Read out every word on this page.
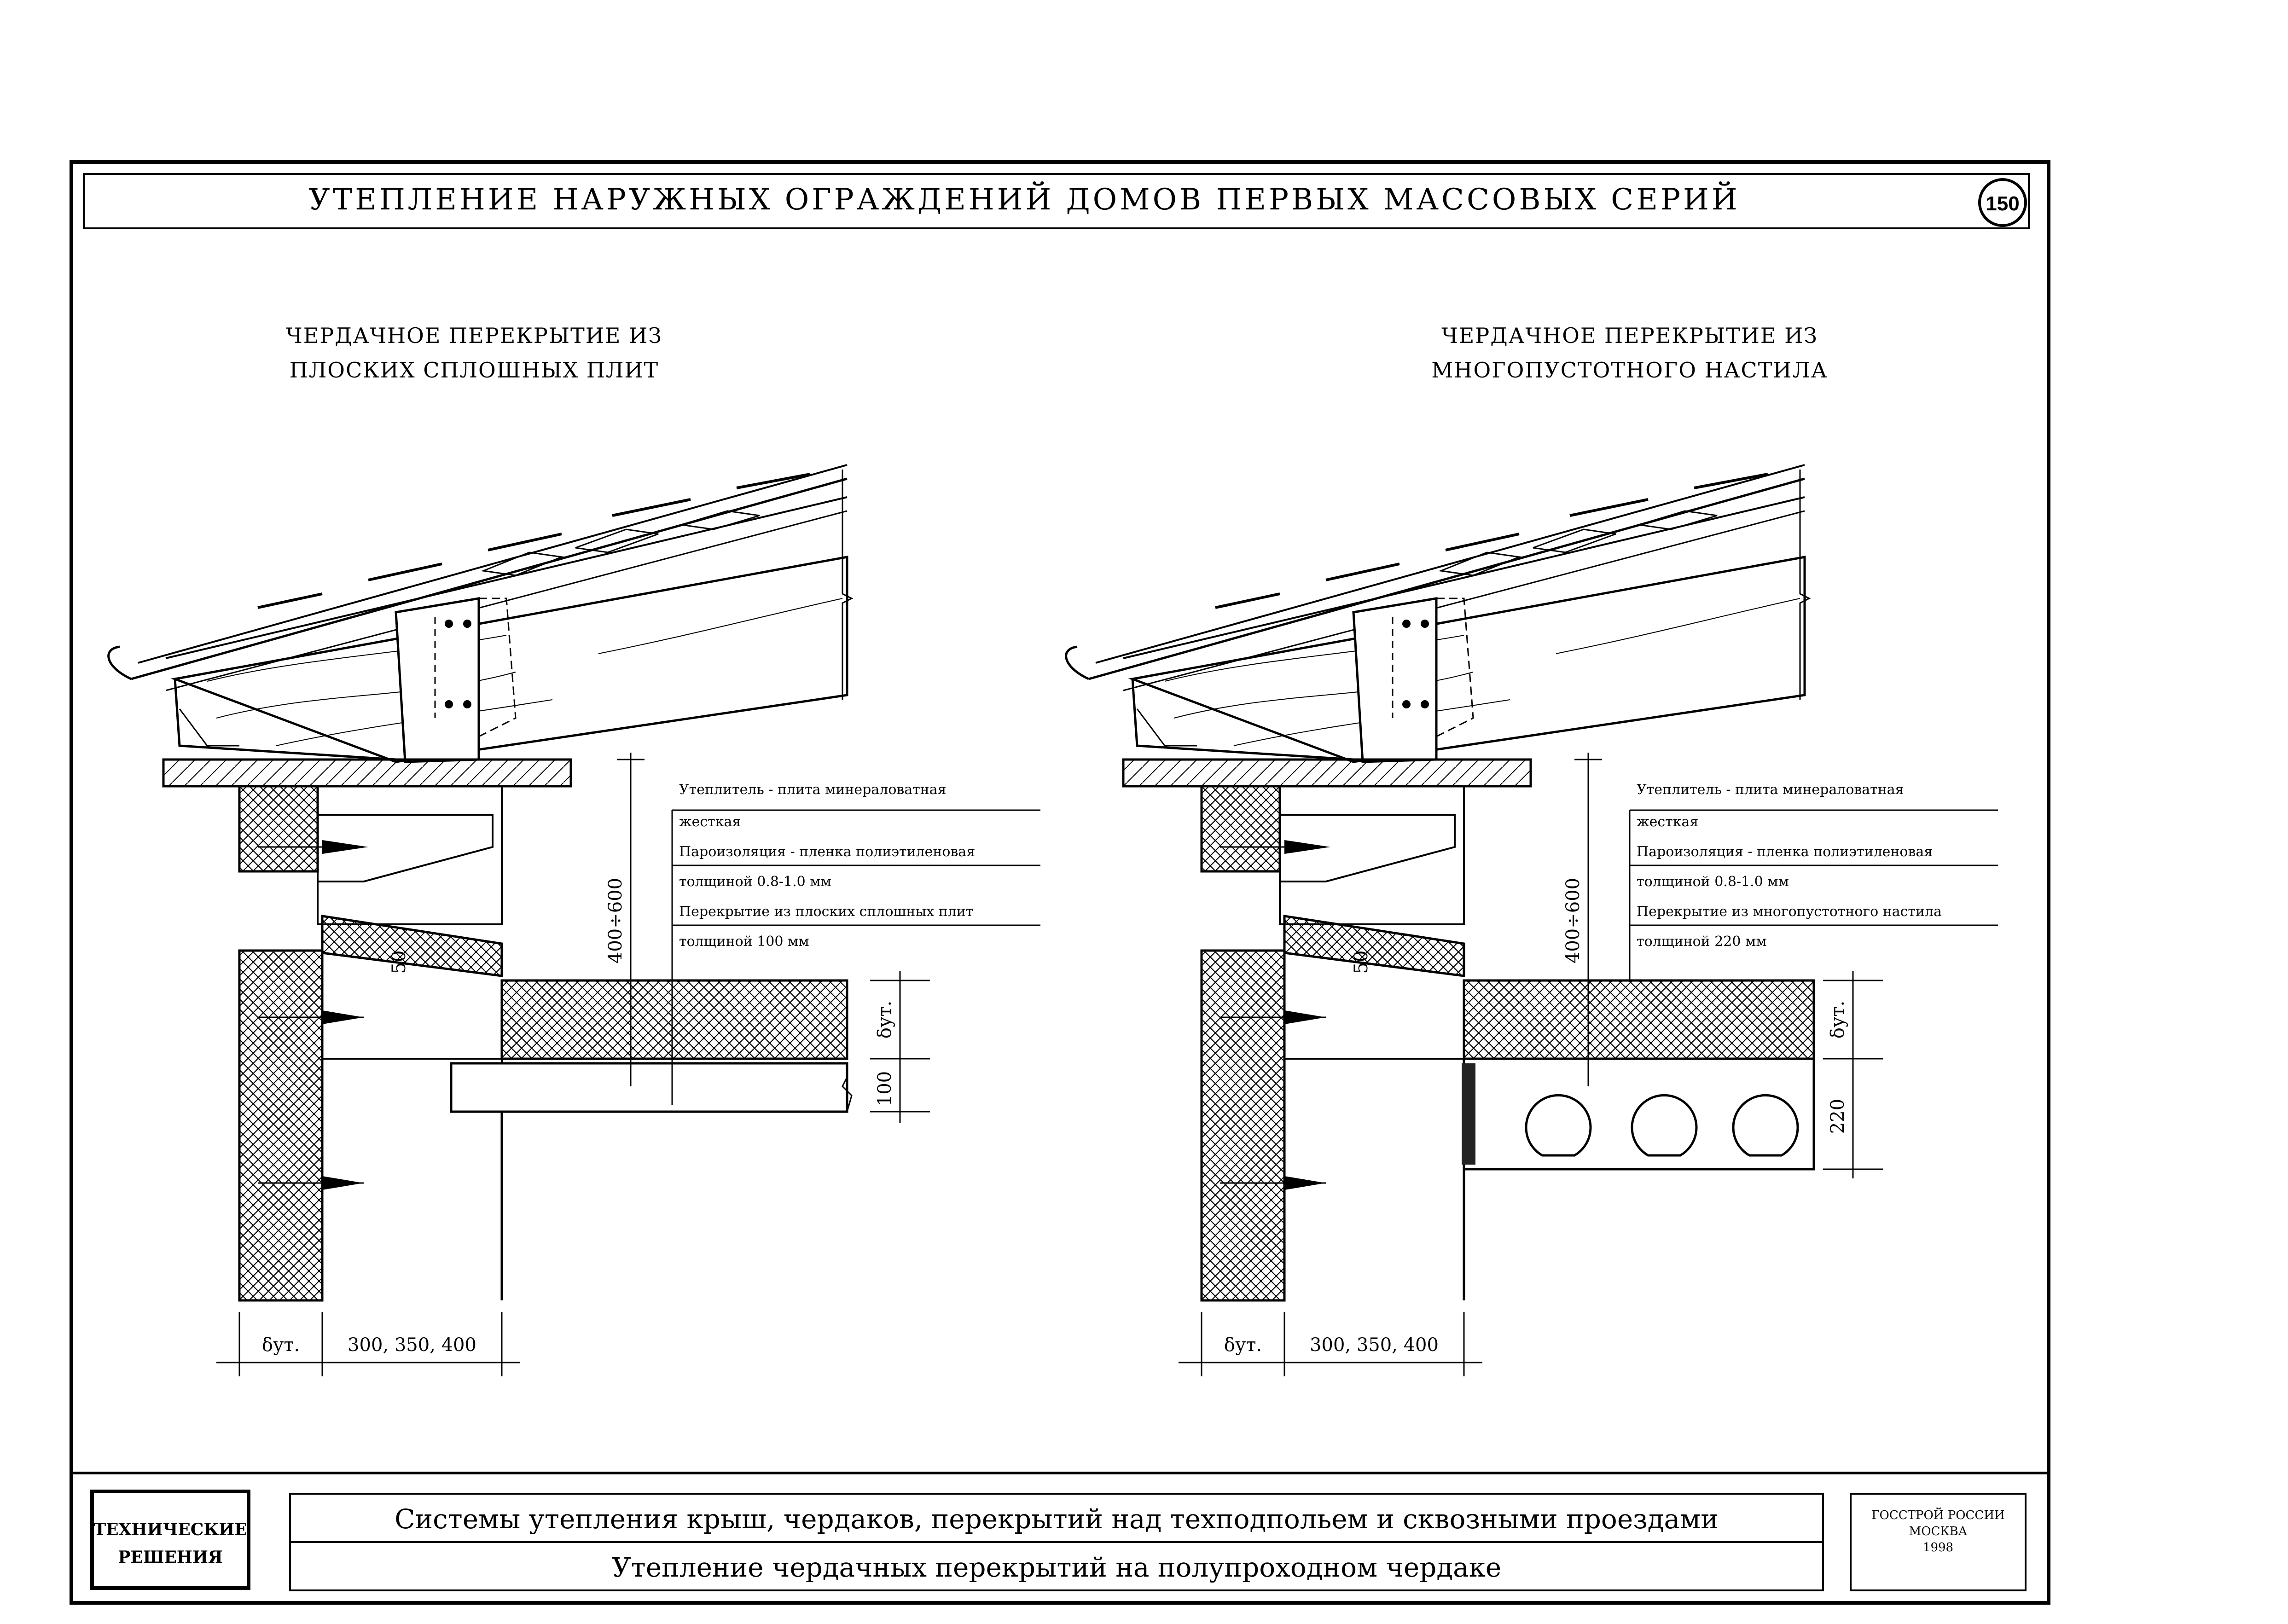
УТЕПЛЕНИЕ НАРУЖНЫХ ОГРАЖДЕНИЙ ДОМОВ ПЕРВЫХ МАССОВЫХ СЕРИЙ	150
ЧЕРДАЧНОЕ ПЕРЕКРЫТИЕ ИЗ
ПЛОСКИХ СПЛОШНЫХ ПЛИТ
400÷600
50
δут.
100
Утеплитель - плита минераловатная
жесткая
Пароизоляция - пленка полиэтиленовая
толщиной 0.8-1.0 мм
Перекрытие из плоских сплошных плит
толщиной 100 мм
δут.	300, 350, 400
ЧЕРДАЧНОЕ ПЕРЕКРЫТИЕ ИЗ
МНОГОПУСТОТНОГО НАСТИЛА
400÷600
50
δут.
220
Утеплитель - плита минераловатная
жесткая
Пароизоляция - пленка полиэтиленовая
толщиной 0.8-1.0 мм
Перекрытие из многопустотного настила
толщиной 220 мм
δут.	300, 350, 400
ТЕХНИЧЕСКИЕ
РЕШЕНИЯ
Системы утепления крыш, чердаков, перекрытий над техподпольем и сквозными проездами
Утепление чердачных перекрытий на полупроходном чердаке
ГОССТРОЙ РОССИИ
МОСКВА
1998
